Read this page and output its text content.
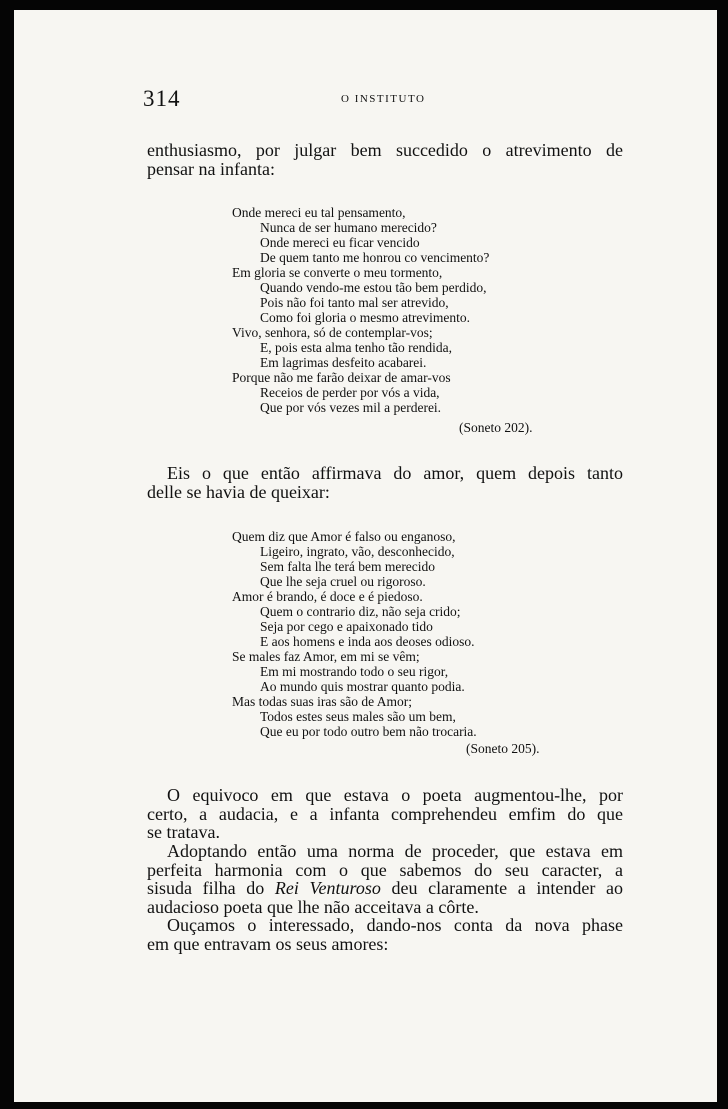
314	O INSTITUTO
enthusiasmo, por julgar bem succedido o atrevimento de
pensar na infanta:
Onde mereci eu tal pensamento,
Nunca de ser humano merecido?
Onde mereci eu ficar vencido
De quem tanto me honrou co vencimento?
Em gloria se converte o meu tormento,
Quando vendo-me estou tão bem perdido,
Pois não foi tanto mal ser atrevido,
Como foi gloria o mesmo atrevimento.
Vivo, senhora, só de contemplar-vos;
E, pois esta alma tenho tão rendida,
Em lagrimas desfeito acabarei.
Porque não me farão deixar de amar-vos
Receios de perder por vós a vida,
Que por vós vezes mil a perderei.
(Soneto 202).
Eis o que então affirmava do amor, quem depois tanto
delle se havia de queixar:
Quem diz que Amor é falso ou enganoso,
Ligeiro, ingrato, vão, desconhecido,
Sem falta lhe terá bem merecido
Que lhe seja cruel ou rigoroso.
Amor é brando, é doce e é piedoso.
Quem o contrario diz, não seja crido;
Seja por cego e apaixonado tido
E aos homens e inda aos deoses odioso.
Se males faz Amor, em mi se vêm;
Em mi mostrando todo o seu rigor,
Ao mundo quis mostrar quanto podia.
Mas todas suas iras são de Amor;
Todos estes seus males são um bem,
Que eu por todo outro bem não trocaria.
(Soneto 205).
O equivoco em que estava o poeta augmentou-lhe, por
certo, a audacia, e a infanta comprehendeu emfim do que
se tratava.
Adoptando então uma norma de proceder, que estava em
perfeita harmonia com o que sabemos do seu caracter, a
sisuda filha do Rei Venturoso deu claramente a intender ao
audacioso poeta que lhe não acceitava a côrte.
Ouçamos o interessado, dando-nos conta da nova phase
em que entravam os seus amores:
